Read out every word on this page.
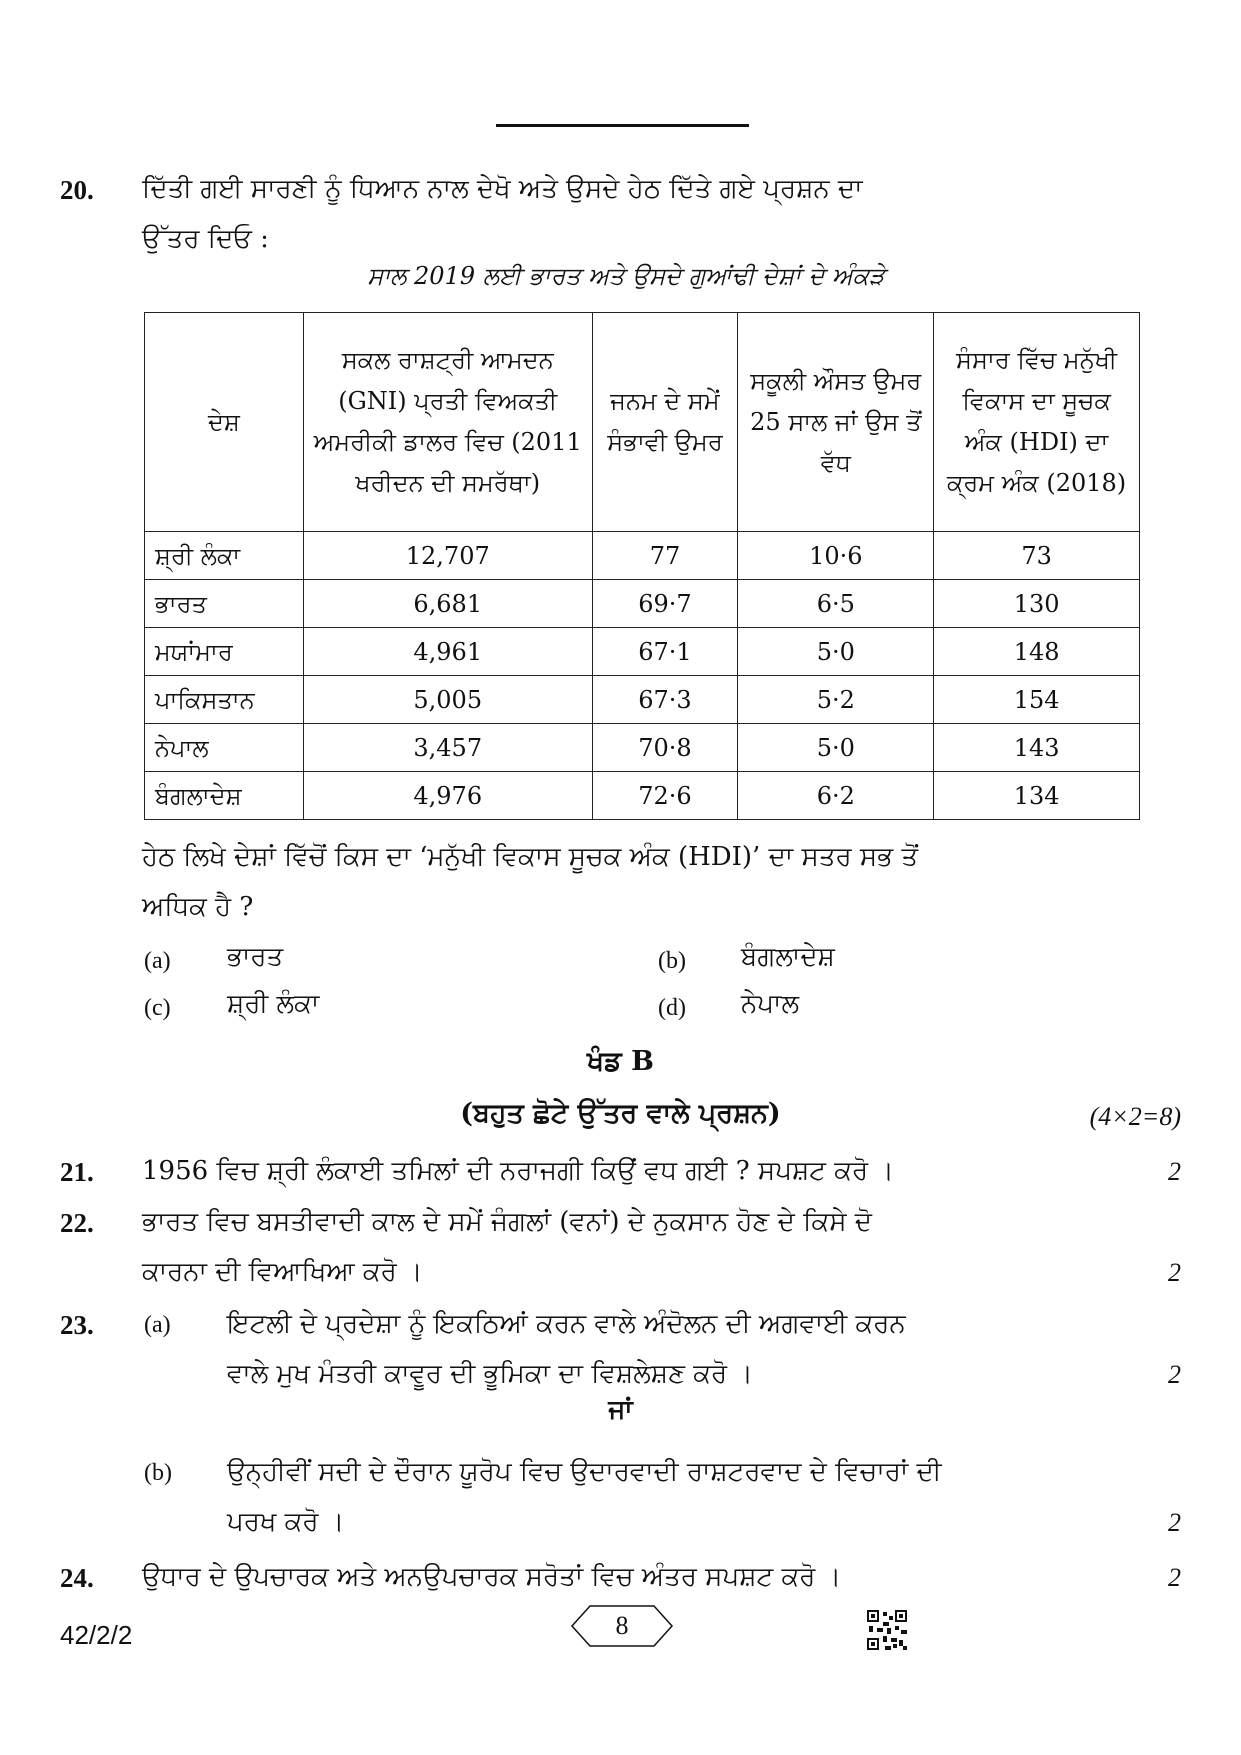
20. ਦਿੱਤੀ ਗਈ ਸਾਰਣੀ ਨੂੰ ਧਿਆਨ ਨਾਲ ਦੇਖੋ ਅਤੇ ਉਸਦੇ ਹੇਠ ਦਿੱਤੇ ਗਏ ਪ੍ਰਸ਼ਨ ਦਾ
ਉੱਤਰ ਦਿਓ :
ਸਾਲ 2019 ਲਈ ਭਾਰਤ ਅਤੇ ਉਸਦੇ ਗੁਆਂਢੀ ਦੇਸ਼ਾਂ ਦੇ ਅੰਕੜੇ
ਦੇਸ਼	ਸਕਲ ਰਾਸ਼ਟ੍ਰੀ ਆਮਦਨ (GNI) ਪ੍ਰਤੀ ਵਿਅਕਤੀ ਅਮਰੀਕੀ ਡਾਲਰ ਵਿਚ (2011 ਖਰੀਦਨ ਦੀ ਸਮਰੱਥਾ)	ਜਨਮ ਦੇ ਸਮੇਂ ਸੰਭਾਵੀ ਉਮਰ	ਸਕੂਲੀ ਔਸਤ ਉਮਰ 25 ਸਾਲ ਜਾਂ ਉਸ ਤੋਂ ਵੱਧ	ਸੰਸਾਰ ਵਿੱਚ ਮਨੁੱਖੀ ਵਿਕਾਸ ਦਾ ਸੂਚਕ ਅੰਕ (HDI) ਦਾ ਕ੍ਰਮ ਅੰਕ (2018)
ਸ਼੍ਰੀ ਲੰਕਾ	12,707	77	10·6	73
ਭਾਰਤ	6,681	69·7	6·5	130
ਮਯਾਂਮਾਰ	4,961	67·1	5·0	148
ਪਾਕਿਸਤਾਨ	5,005	67·3	5·2	154
ਨੇਪਾਲ	3,457	70·8	5·0	143
ਬੰਗਲਾਦੇਸ਼	4,976	72·6	6·2	134
ਹੇਠ ਲਿਖੇ ਦੇਸ਼ਾਂ ਵਿੱਚੋਂ ਕਿਸ ਦਾ ‘ਮਨੁੱਖੀ ਵਿਕਾਸ ਸੂਚਕ ਅੰਕ (HDI)’ ਦਾ ਸਤਰ ਸਭ ਤੋਂ
ਅਧਿਕ ਹੈ ?
(a) ਭਾਰਤ	(b) ਬੰਗਲਾਦੇਸ਼
(c) ਸ਼੍ਰੀ ਲੰਕਾ	(d) ਨੇਪਾਲ
ਖੰਡ B
(ਬਹੁਤ ਛੋਟੇ ਉੱਤਰ ਵਾਲੇ ਪ੍ਰਸ਼ਨ)	(4×2=8)
21. 1956 ਵਿਚ ਸ਼੍ਰੀ ਲੰਕਾਈ ਤਮਿਲਾਂ ਦੀ ਨਰਾਜਗੀ ਕਿਉਂ ਵਧ ਗਈ ? ਸਪਸ਼ਟ ਕਰੋ ।	2
22. ਭਾਰਤ ਵਿਚ ਬਸਤੀਵਾਦੀ ਕਾਲ ਦੇ ਸਮੇਂ ਜੰਗਲਾਂ (ਵਨਾਂ) ਦੇ ਨੁਕਸਾਨ ਹੋਣ ਦੇ ਕਿਸੇ ਦੋ
ਕਾਰਨਾ ਦੀ ਵਿਆਖਿਆ ਕਰੋ ।	2
23. (a) ਇਟਲੀ ਦੇ ਪ੍ਰਦੇਸ਼ਾ ਨੂੰ ਇਕਠਿਆਂ ਕਰਨ ਵਾਲੇ ਅੰਦੋਲਨ ਦੀ ਅਗਵਾਈ ਕਰਨ
ਵਾਲੇ ਮੁਖ ਮੰਤਰੀ ਕਾਵੂਰ ਦੀ ਭੂਮਿਕਾ ਦਾ ਵਿਸ਼ਲੇਸ਼ਣ ਕਰੋ ।	2
ਜਾਂ
(b) ਉਨ੍ਹੀਵੀਂ ਸਦੀ ਦੇ ਦੌਰਾਨ ਯੂਰੋਪ ਵਿਚ ਉਦਾਰਵਾਦੀ ਰਾਸ਼ਟਰਵਾਦ ਦੇ ਵਿਚਾਰਾਂ ਦੀ
ਪਰਖ ਕਰੋ ।	2
24. ਉਧਾਰ ਦੇ ਉਪਚਾਰਕ ਅਤੇ ਅਨਉਪਚਾਰਕ ਸਰੋਤਾਂ ਵਿਚ ਅੰਤਰ ਸਪਸ਼ਟ ਕਰੋ ।	2
42/2/2	8
